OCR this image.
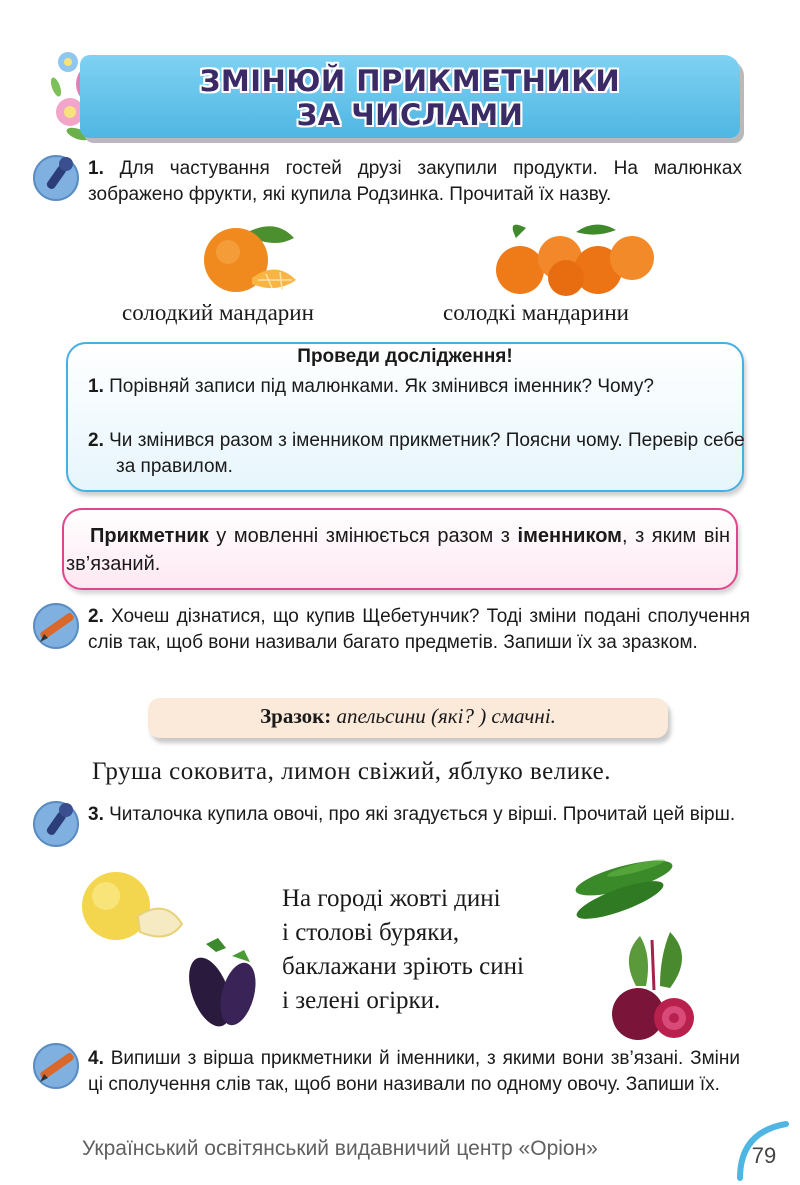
ЗМІНЮЙ ПРИКМЕТНИКИ
ЗА ЧИСЛАМИ
1. Для частування гостей друзі закупили продукти. На малюнках зображено фрукти, які купила Родзинка. Прочитай їх назву.
солодкий мандарин	солодкі мандарини
Проведи дослідження!
1. Порівняй записи під малюнками. Як змінився іменник? Чому?
2. Чи змінився разом з іменником прикметник? Поясни чому. Перевір себе за правилом.
Прикметник у мовленні змінюється разом з іменником, з яким він зв’язаний.
2. Хочеш дізнатися, що купив Щебетунчик? Тоді зміни подані сполучення слів так, щоб вони називали багато предметів. Запиши їх за зразком.
Зразок: апельсини (які? ) смачні.
Груша соковита, лимон свіжий, яблуко велике.
3. Читалочка купила овочі, про які згадується у вірші. Прочитай цей вірш.
На городі жовті дині
і столові буряки,
баклажани зріють сині
і зелені огірки.
4. Випиши з вірша прикметники й іменники, з якими вони зв’язані. Зміни ці сполучення слів так, щоб вони називали по одному овочу. Запиши їх.
Український освітянський видавничий центр «Оріон»	79
